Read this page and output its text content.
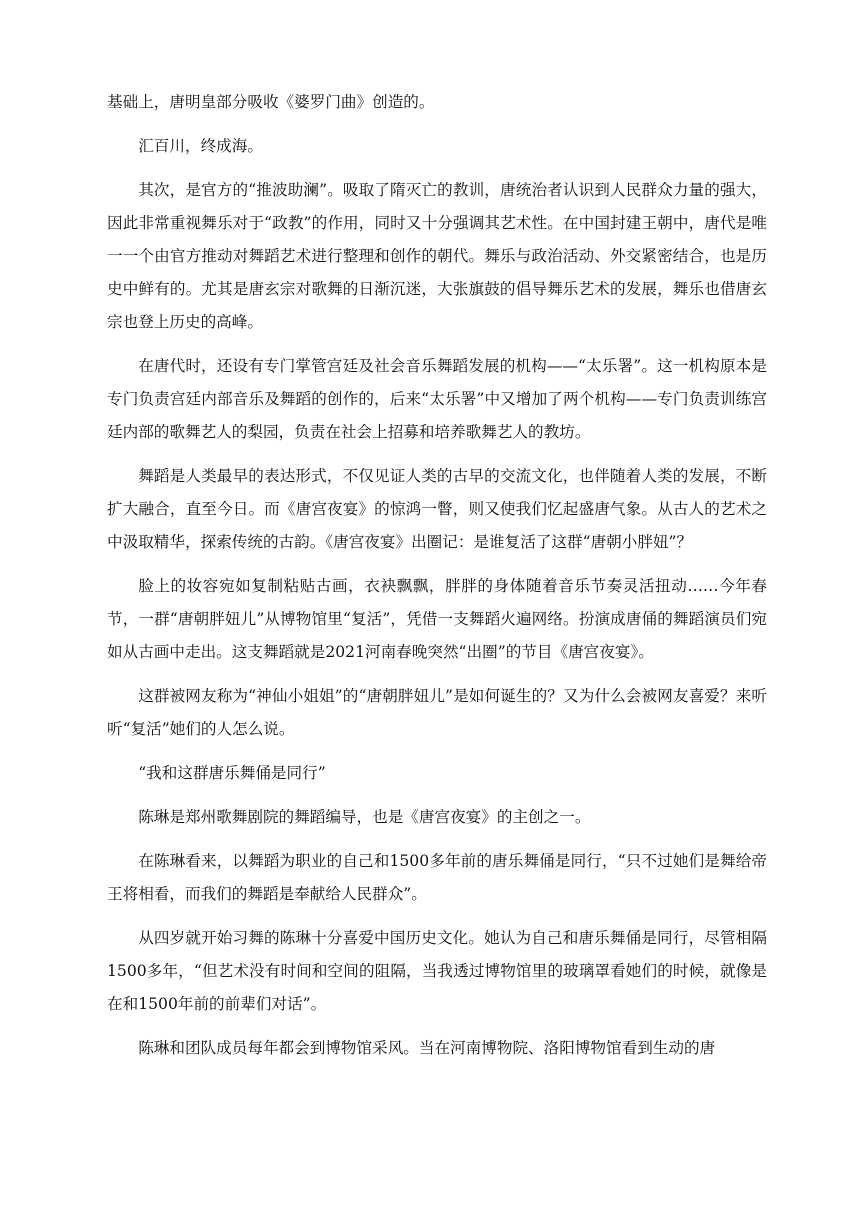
基础上，唐明皇部分吸收《婆罗门曲》创造的。

汇百川，终成海。

其次，是官方的“推波助澜”。吸取了隋灭亡的教训，唐统治者认识到人民群众力量的强大，因此非常重视舞乐对于“政教”的作用，同时又十分强调其艺术性。在中国封建王朝中，唐代是唯一一个由官方推动对舞蹈艺术进行整理和创作的朝代。舞乐与政治活动、外交紧密结合，也是历史中鲜有的。尤其是唐玄宗对歌舞的日渐沉迷，大张旗鼓的倡导舞乐艺术的发展，舞乐也借唐玄宗也登上历史的高峰。

在唐代时，还设有专门掌管宫廷及社会音乐舞蹈发展的机构——“太乐署”。这一机构原本是专门负责宫廷内部音乐及舞蹈的创作的，后来“太乐署”中又增加了两个机构——专门负责训练宫廷内部的歌舞艺人的梨园，负责在社会上招募和培养歌舞艺人的教坊。

舞蹈是人类最早的表达形式，不仅见证人类的古早的交流文化，也伴随着人类的发展，不断扩大融合，直至今日。而《唐宫夜宴》的惊鸿一瞥，则又使我们忆起盛唐气象。从古人的艺术之中汲取精华，探索传统的古韵。《唐宫夜宴》出圈记：是谁复活了这群“唐朝小胖妞”？

脸上的妆容宛如复制粘贴古画，衣袂飘飘，胖胖的身体随着音乐节奏灵活扭动……今年春节，一群“唐朝胖妞儿”从博物馆里“复活”，凭借一支舞蹈火遍网络。扮演成唐俑的舞蹈演员们宛如从古画中走出。这支舞蹈就是2021河南春晚突然“出圈”的节目《唐宫夜宴》。

这群被网友称为“神仙小姐姐”的“唐朝胖妞儿”是如何诞生的？又为什么会被网友喜爱？来听听“复活”她们的人怎么说。

“我和这群唐乐舞俑是同行”

陈琳是郑州歌舞剧院的舞蹈编导，也是《唐宫夜宴》的主创之一。

在陈琳看来，以舞蹈为职业的自己和1500多年前的唐乐舞俑是同行，“只不过她们是舞给帝王将相看，而我们的舞蹈是奉献给人民群众”。

从四岁就开始习舞的陈琳十分喜爱中国历史文化。她认为自己和唐乐舞俑是同行，尽管相隔1500多年，“但艺术没有时间和空间的阻隔，当我透过博物馆里的玻璃罩看她们的时候，就像是在和1500年前的前辈们对话”。

陈琳和团队成员每年都会到博物馆采风。当在河南博物院、洛阳博物馆看到生动的唐
